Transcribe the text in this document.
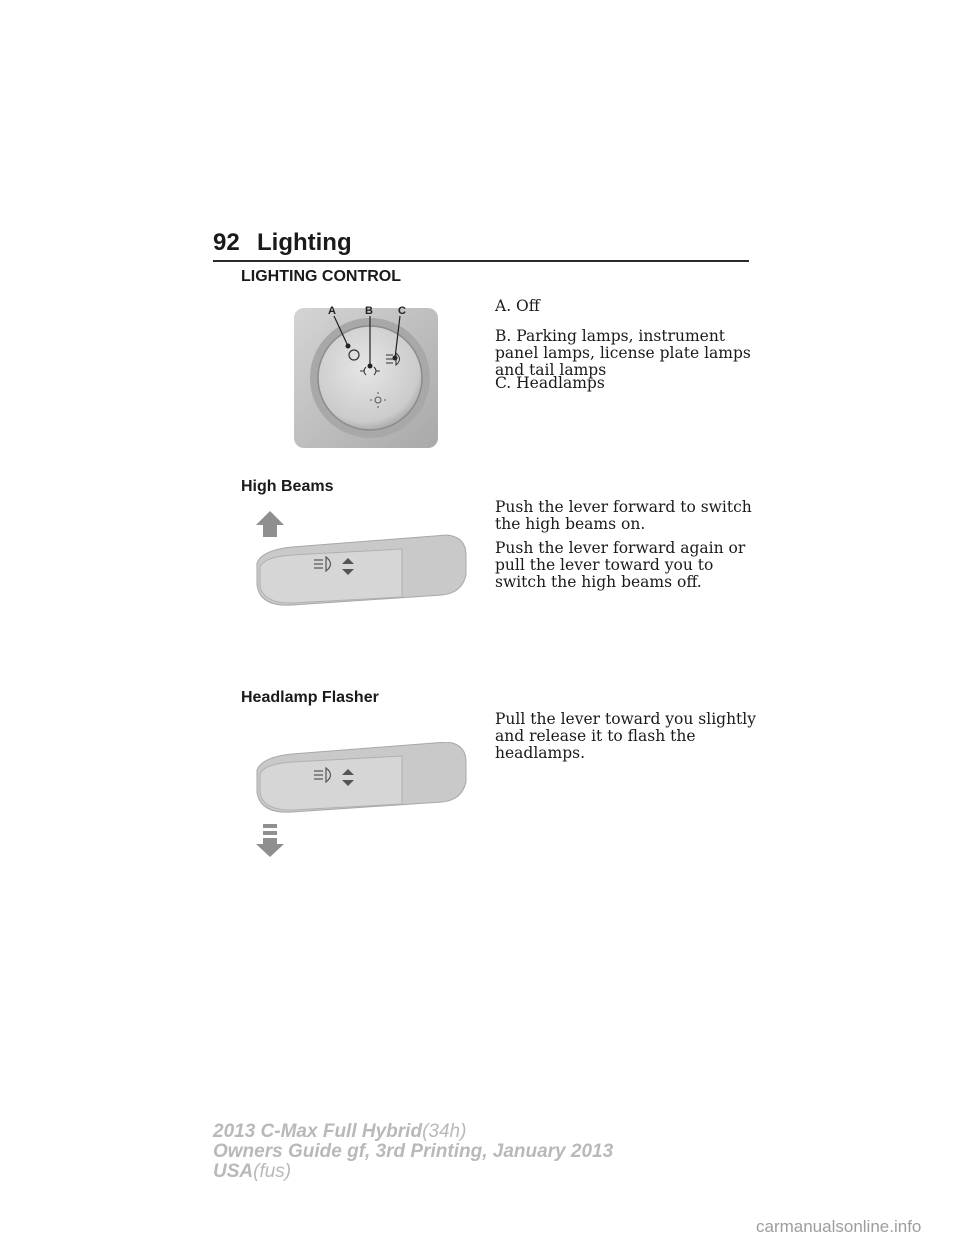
92 Lighting
LIGHTING CONTROL
A	B C	A. Off
B. Parking lamps, instrument panel lamps, license plate lamps and tail lamps
C. Headlamps
High Beams
Push the lever forward to switch the high beams on.
Push the lever forward again or pull the lever toward you to switch the high beams off.
Headlamp Flasher
Pull the lever toward you slightly and release it to flash the headlamps.
2013 C-Max Full Hybrid(34h)
Owners Guide gf, 3rd Printing, January 2013
USA(fus)
carmanualsonline.info
